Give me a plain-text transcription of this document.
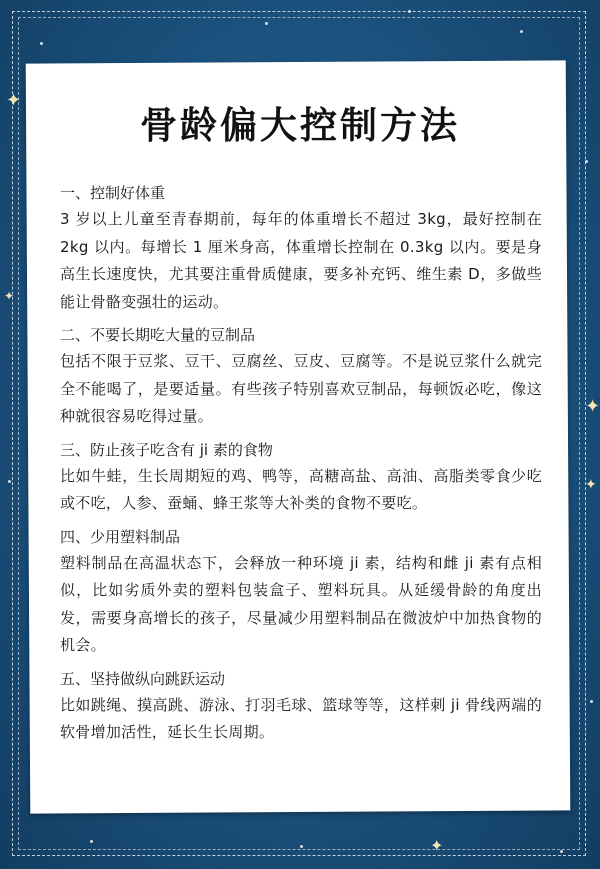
✦
✦
✦
✦
✦
骨龄偏大控制方法

一、控制好体重

3 岁以上儿童至青春期前，每年的体重增长不超过 3kg，最好控制在 2kg 以内。每增长 1 厘米身高，体重增长控制在 0.3kg 以内。要是身高生长速度快，尤其要注重骨质健康，要多补充钙、维生素 D，多做些能让骨骼变强壮的运动。

二、不要长期吃大量的豆制品

包括不限于豆浆、豆干、豆腐丝、豆皮、豆腐等。不是说豆浆什么就完全不能喝了，是要适量。有些孩子特别喜欢豆制品，每顿饭必吃，像这种就很容易吃得过量。

三、防止孩子吃含有 ji 素的食物

比如牛蛙，生长周期短的鸡、鸭等，高糖高盐、高油、高脂类零食少吃或不吃，人参、蚕蛹、蜂王浆等大补类的食物不要吃。

四、少用塑料制品

塑料制品在高温状态下，会释放一种环境 ji 素，结构和雌 ji 素有点相似，比如劣质外卖的塑料包装盒子、塑料玩具。从延缓骨龄的角度出发，需要身高增长的孩子，尽量减少用塑料制品在微波炉中加热食物的机会。

五、坚持做纵向跳跃运动

比如跳绳、摸高跳、游泳、打羽毛球、篮球等等，这样刺 ji 骨线两端的软骨增加活性，延长生长周期。
